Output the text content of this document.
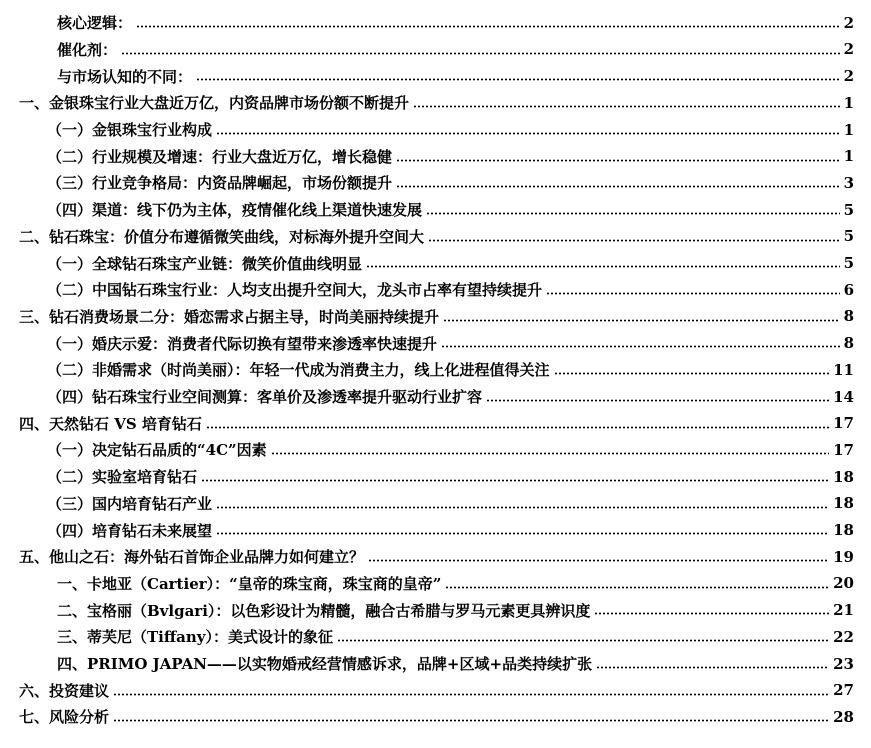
核心逻辑：	2
催化剂：	2
与市场认知的不同：	2
一、金银珠宝行业大盘近万亿，内资品牌市场份额不断提升	1
（一）金银珠宝行业构成	1
（二）行业规模及增速：行业大盘近万亿，增长稳健	1
（三）行业竞争格局：内资品牌崛起，市场份额提升	3
（四）渠道：线下仍为主体，疫情催化线上渠道快速发展	5
二、钻石珠宝：价值分布遵循微笑曲线，对标海外提升空间大	5
（一）全球钻石珠宝产业链：微笑价值曲线明显	5
（二）中国钻石珠宝行业：人均支出提升空间大，龙头市占率有望持续提升	6
三、钻石消费场景二分：婚恋需求占据主导，时尚美丽持续提升	8
（一）婚庆示爱：消费者代际切换有望带来渗透率快速提升	8
（二）非婚需求（时尚美丽）：年轻一代成为消费主力，线上化进程值得关注	11
（四）钻石珠宝行业空间测算：客单价及渗透率提升驱动行业扩容	14
四、天然钻石 VS 培育钻石	17
（一）决定钻石品质的“4C”因素	17
（二）实验室培育钻石	18
（三）国内培育钻石产业	18
（四）培育钻石未来展望	18
五、他山之石：海外钻石首饰企业品牌力如何建立？	19
一、卡地亚（Cartier）：“皇帝的珠宝商，珠宝商的皇帝”	20
二、宝格丽（Bvlgari）：以色彩设计为精髓，融合古希腊与罗马元素更具辨识度	21
三、蒂芙尼（Tiffany）：美式设计的象征	22
四、PRIMO JAPAN——以实物婚戒经营情感诉求，品牌+区域+品类持续扩张	23
六、投资建议	27
七、风险分析	28
